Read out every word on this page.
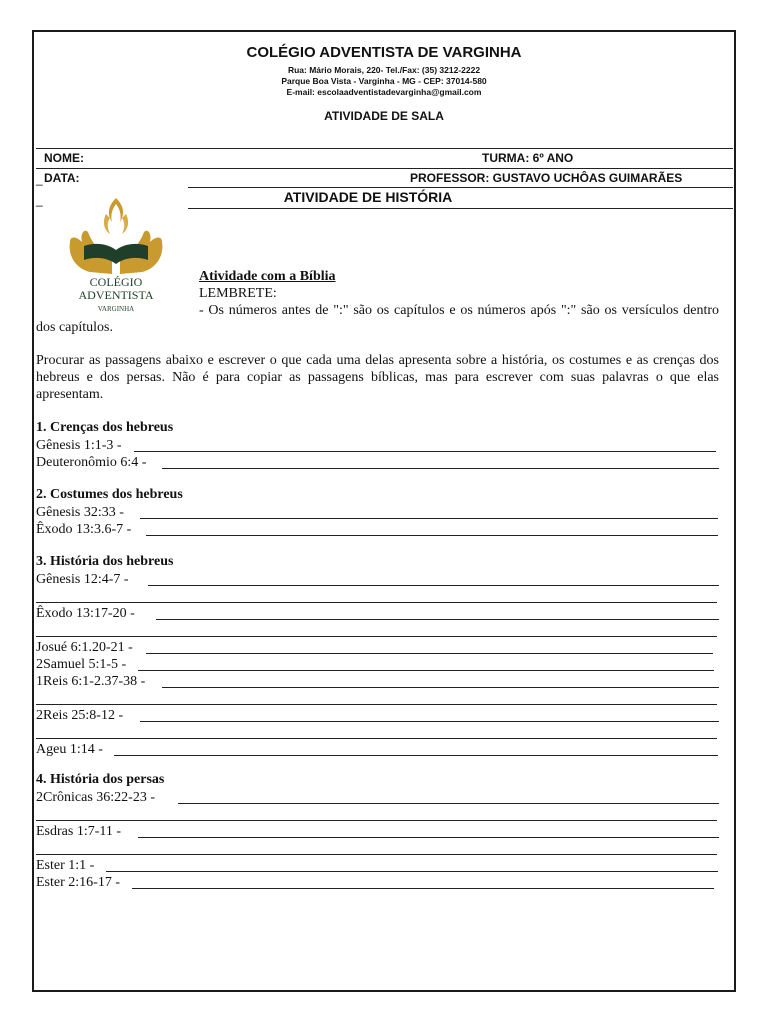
COLÉGIO ADVENTISTA DE VARGINHA
Rua: Mário Morais, 220- Tel./Fax: (35) 3212-2222
Parque Boa Vista - Varginha - MG - CEP: 37014-580
E-mail: escolaadventistadevarginha@gmail.com
ATIVIDADE DE SALA
NOME:	TURMA: 6º ANO
DATA:	PROFESSOR: GUSTAVO UCHÔAS GUIMARÃES
_
ATIVIDADE DE HISTÓRIA
_
COLÉGIO
ADVENTISTA
VARGINHA
Atividade com a Bíblia
LEMBRETE:
- Os números antes de ":" são os capítulos e os números após ":" são os versículos dentro dos capítulos.
Procurar as passagens abaixo e escrever o que cada uma delas apresenta sobre a história, os costumes e as crenças dos hebreus e dos persas. Não é para copiar as passagens bíblicas, mas para escrever com suas palavras o que elas apresentam.
1. Crenças dos hebreus
Gênesis 1:1-3 -
Deuteronômio 6:4 -
2. Costumes dos hebreus
Gênesis 32:33 -
Êxodo 13:3.6-7 -
3. História dos hebreus
Gênesis 12:4-7 -
Êxodo 13:17-20 -
Josué 6:1.20-21 -
2Samuel 5:1-5 -
1Reis 6:1-2.37-38 -
2Reis 25:8-12 -
Ageu 1:14 -
4. História dos persas
2Crônicas 36:22-23 -
Esdras 1:7-11 -
Ester 1:1 -
Ester 2:16-17 -
